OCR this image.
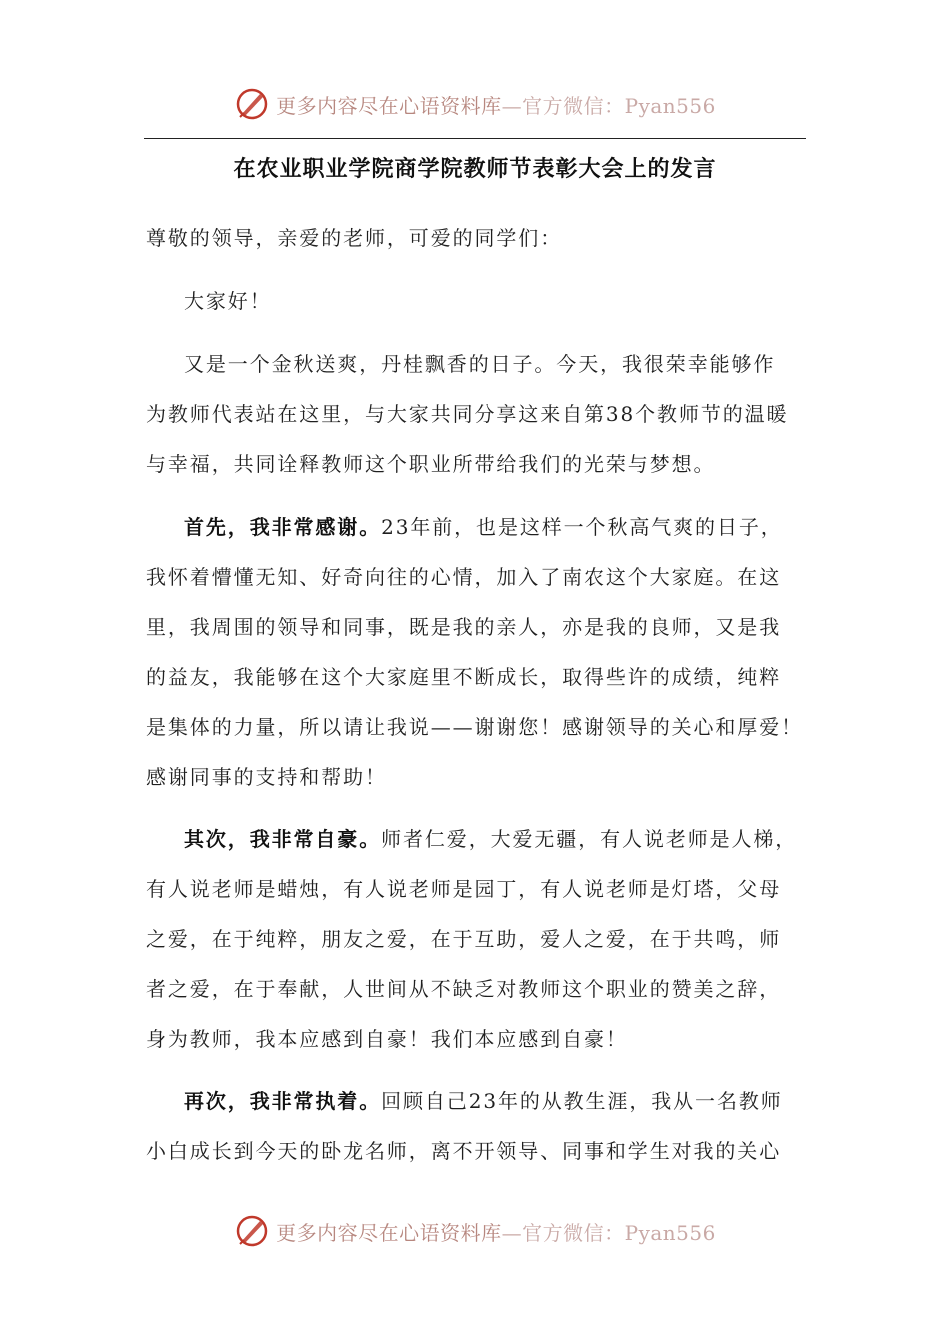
更多内容尽在心语资料库—官方微信：Pyan556
在农业职业学院商学院教师节表彰大会上的发言
尊敬的领导，亲爱的老师，可爱的同学们：
大家好！
又是一个金秋送爽，丹桂飘香的日子。今天，我很荣幸能够作
为教师代表站在这里，与大家共同分享这来自第38个教师节的温暖
与幸福，共同诠释教师这个职业所带给我们的光荣与梦想。
首先，我非常感谢。23年前，也是这样一个秋高气爽的日子，
我怀着懵懂无知、好奇向往的心情，加入了南农这个大家庭。在这
里，我周围的领导和同事，既是我的亲人，亦是我的良师，又是我
的益友，我能够在这个大家庭里不断成长，取得些许的成绩，纯粹
是集体的力量，所以请让我说——谢谢您！感谢领导的关心和厚爱！
感谢同事的支持和帮助！
其次，我非常自豪。师者仁爱，大爱无疆，有人说老师是人梯，
有人说老师是蜡烛，有人说老师是园丁，有人说老师是灯塔，父母
之爱，在于纯粹，朋友之爱，在于互助，爱人之爱，在于共鸣，师
者之爱，在于奉献，人世间从不缺乏对教师这个职业的赞美之辞，
身为教师，我本应感到自豪！我们本应感到自豪！
再次，我非常执着。回顾自己23年的从教生涯，我从一名教师
小白成长到今天的卧龙名师，离不开领导、同事和学生对我的关心
更多内容尽在心语资料库—官方微信：Pyan556
